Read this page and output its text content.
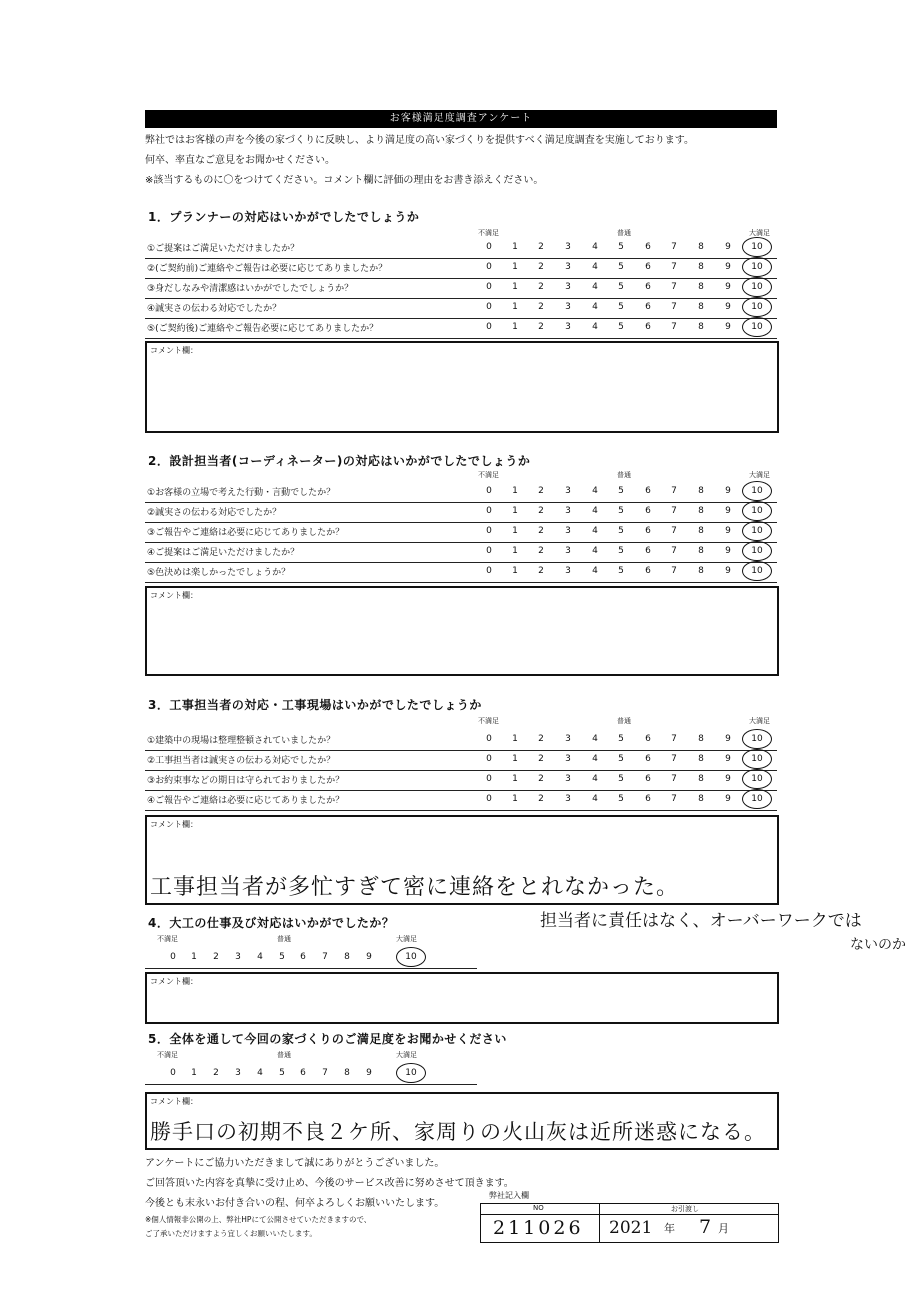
お客様満足度調査アンケート
弊社ではお客様の声を今後の家づくりに反映し、より満足度の高い家づくりを提供すべく満足度調査を実施しております。
何卒、率直なご意見をお聞かせください。
※該当するものに〇をつけてください。コメント欄に評価の理由をお書き添えください。
1．プランナーの対応はいかがでしたでしょうか
不満足	普通	大満足
①ご提案はご満足いただけましたか？	0	1	2	3	4	5	6	7	8	9	10
②(ご契約前)ご連絡やご報告は必要に応じてありましたか？	0	1	2	3	4	5	6	7	8	9	10
③身だしなみや清潔感はいかがでしたでしょうか？	0	1	2	3	4	5	6	7	8	9	10
④誠実さの伝わる対応でしたか？	0	1	2	3	4	5	6	7	8	9	10
⑤(ご契約後)ご連絡やご報告必要に応じてありましたか？	0	1	2	3	4	5	6	7	8	9	10
コメント欄：
2．設計担当者(コーディネーター)の対応はいかがでしたでしょうか
不満足	普通	大満足
①お客様の立場で考えた行動・言動でしたか？	0	1	2	3	4	5	6	7	8	9	10
②誠実さの伝わる対応でしたか？	0	1	2	3	4	5	6	7	8	9	10
③ご報告やご連絡は必要に応じてありましたか？	0	1	2	3	4	5	6	7	8	9	10
④ご提案はご満足いただけましたか？	0	1	2	3	4	5	6	7	8	9	10
⑤色決めは楽しかったでしょうか？	0	1	2	3	4	5	6	7	8	9	10
コメント欄：
3．工事担当者の対応・工事現場はいかがでしたでしょうか
不満足	普通	大満足
①建築中の現場は整理整頓されていましたか？	0	1	2	3	4	5	6	7	8	9	10
②工事担当者は誠実さの伝わる対応でしたか？	0	1	2	3	4	5	6	7	8	9	10
③お約束事などの期日は守られておりましたか？	0	1	2	3	4	5	6	7	8	9	10
④ご報告やご連絡は必要に応じてありましたか？	0	1	2	3	4	5	6	7	8	9	10
コメント欄：
工事担当者が多忙すぎて密に連絡をとれなかった。
担当者に責任はなく、オーバーワークでは
ないのか
4．大工の仕事及び対応はいかがでしたか？
不満足	普通	大満足
0	1	2	3	4	5	6	7	8	9	10
コメント欄：
5．全体を通して今回の家づくりのご満足度をお聞かせください
不満足	普通	大満足
0	1	2	3	4	5	6	7	8	9	10
コメント欄：
勝手口の初期不良２ケ所、家周りの火山灰は近所迷惑になる。
アンケートにご協力いただきまして誠にありがとうございました。
ご回答頂いた内容を真摯に受け止め、今後のサービス改善に努めさせて頂きます。
今後とも末永いお付き合いの程、何卒よろしくお願いいたします。
※個人情報非公開の上、弊社HPにて公開させていただきますので、
ご了承いただけますよう宜しくお願いいたします。
弊社記入欄
NO	お引渡し
211026 2021 年 7 月
